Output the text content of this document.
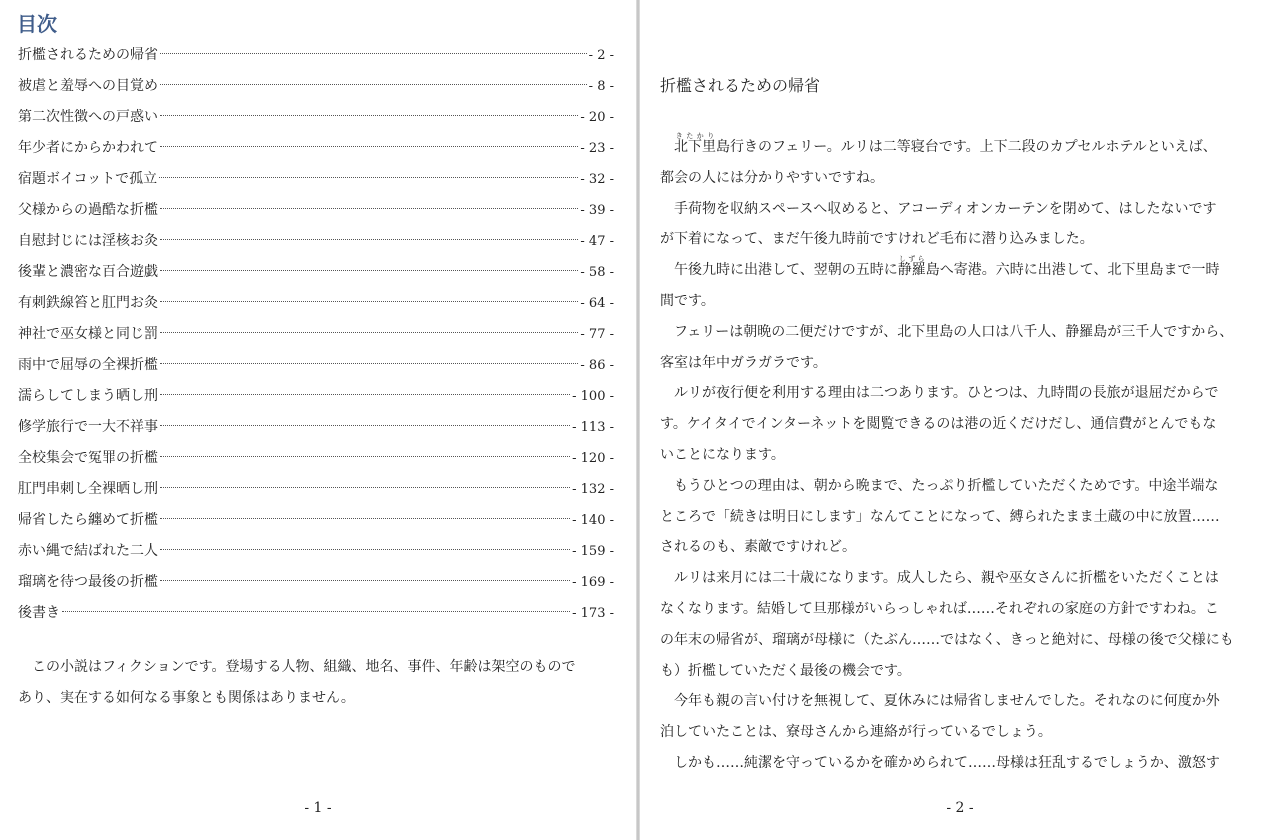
目次
折檻されるための帰省	- 2 -
被虐と羞辱への目覚め	- 8 -
第二次性徴への戸惑い	- 20 -
年少者にからかわれて	- 23 -
宿題ボイコットで孤立	- 32 -
父様からの過酷な折檻	- 39 -
自慰封じには淫核お灸	- 47 -
後輩と濃密な百合遊戯	- 58 -
有刺鉄線笞と肛門お灸	- 64 -
神社で巫女様と同じ罰	- 77 -
雨中で屈辱の全裸折檻	- 86 -
濡らしてしまう晒し刑	- 100 -
修学旅行で一大不祥事	- 113 -
全校集会で冤罪の折檻	- 120 -
肛門串刺し全裸晒し刑	- 132 -
帰省したら纏めて折檻	- 140 -
赤い縄で結ばれた二人	- 159 -
瑠璃を待つ最後の折檻	- 169 -
後書き	- 173 -

この小説はフィクションです。登場する人物、組織、地名、事件、年齢は架空のもので
あり、実在する如何なる事象とも関係はありません。

- 1 -
折檻されるための帰省
北下里きたかり島行きのフェリー。ルリは二等寝台です。上下二段のカプセルホテルといえば、
都会の人には分かりやすいですね。
手荷物を収納スペースへ収めると、アコーディオンカーテンを閉めて、はしたないです
が下着になって、まだ午後九時前ですけれど毛布に潜り込みました。
午後九時に出港して、翌朝の五時に静羅しずら島へ寄港。六時に出港して、北下里島まで一時
間です。
フェリーは朝晩の二便だけですが、北下里島の人口は八千人、静羅島が三千人ですから、
客室は年中ガラガラです。
ルリが夜行便を利用する理由は二つあります。ひとつは、九時間の長旅が退屈だからで
す。ケイタイでインターネットを閲覧できるのは港の近くだけだし、通信費がとんでもな
いことになります。
もうひとつの理由は、朝から晩まで、たっぷり折檻していただくためです。中途半端な
ところで「続きは明日にします」なんてことになって、縛られたまま土蔵の中に放置……
されるのも、素敵ですけれど。
ルリは来月には二十歳になります。成人したら、親や巫女さんに折檻をいただくことは
なくなります。結婚して旦那様がいらっしゃれば……それぞれの家庭の方針ですわね。こ
の年末の帰省が、瑠璃が母様に（たぶん……ではなく、きっと絶対に、母様の後で父様にも
も）折檻していただく最後の機会です。
今年も親の言い付けを無視して、夏休みには帰省しませんでした。それなのに何度か外
泊していたことは、寮母さんから連絡が行っているでしょう。
しかも……純潔を守っているかを確かめられて……母様は狂乱するでしょうか、激怒す
- 2 -
